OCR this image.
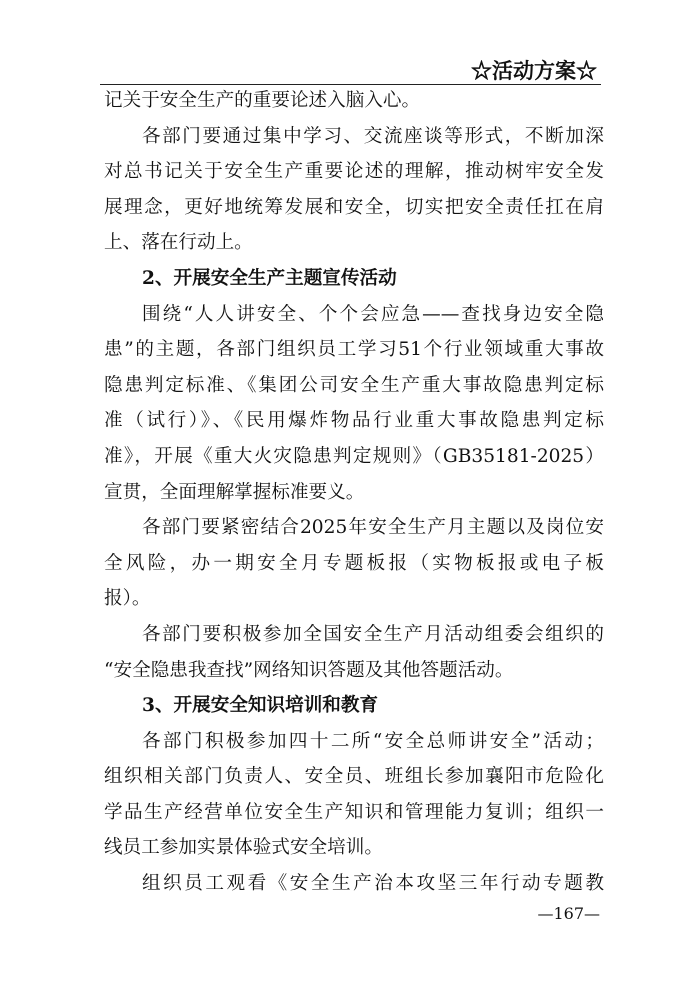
☆活动方案☆
记关于安全生产的重要论述入脑入心。
各部门要通过集中学习、交流座谈等形式，不断加深
对总书记关于安全生产重要论述的理解，推动树牢安全发
展理念，更好地统筹发展和安全，切实把安全责任扛在肩
上、落在行动上。
2、开展安全生产主题宣传活动
围绕“人人讲安全、个个会应急——查找身边安全隐
患”的主题，各部门组织员工学习51个行业领域重大事故
隐患判定标准、《集团公司安全生产重大事故隐患判定标
准（试行）》、《民用爆炸物品行业重大事故隐患判定标
准》，开展《重大火灾隐患判定规则》（GB35181-2025）
宣贯，全面理解掌握标准要义。
各部门要紧密结合2025年安全生产月主题以及岗位安
全风险，办一期安全月专题板报（实物板报或电子板
报）。
各部门要积极参加全国安全生产月活动组委会组织的
“安全隐患我查找”网络知识答题及其他答题活动。
3、开展安全知识培训和教育
各部门积极参加四十二所“安全总师讲安全”活动；
组织相关部门负责人、安全员、班组长参加襄阳市危险化
学品生产经营单位安全生产知识和管理能力复训；组织一
线员工参加实景体验式安全培训。
组织员工观看《安全生产治本攻坚三年行动专题教
—167—
